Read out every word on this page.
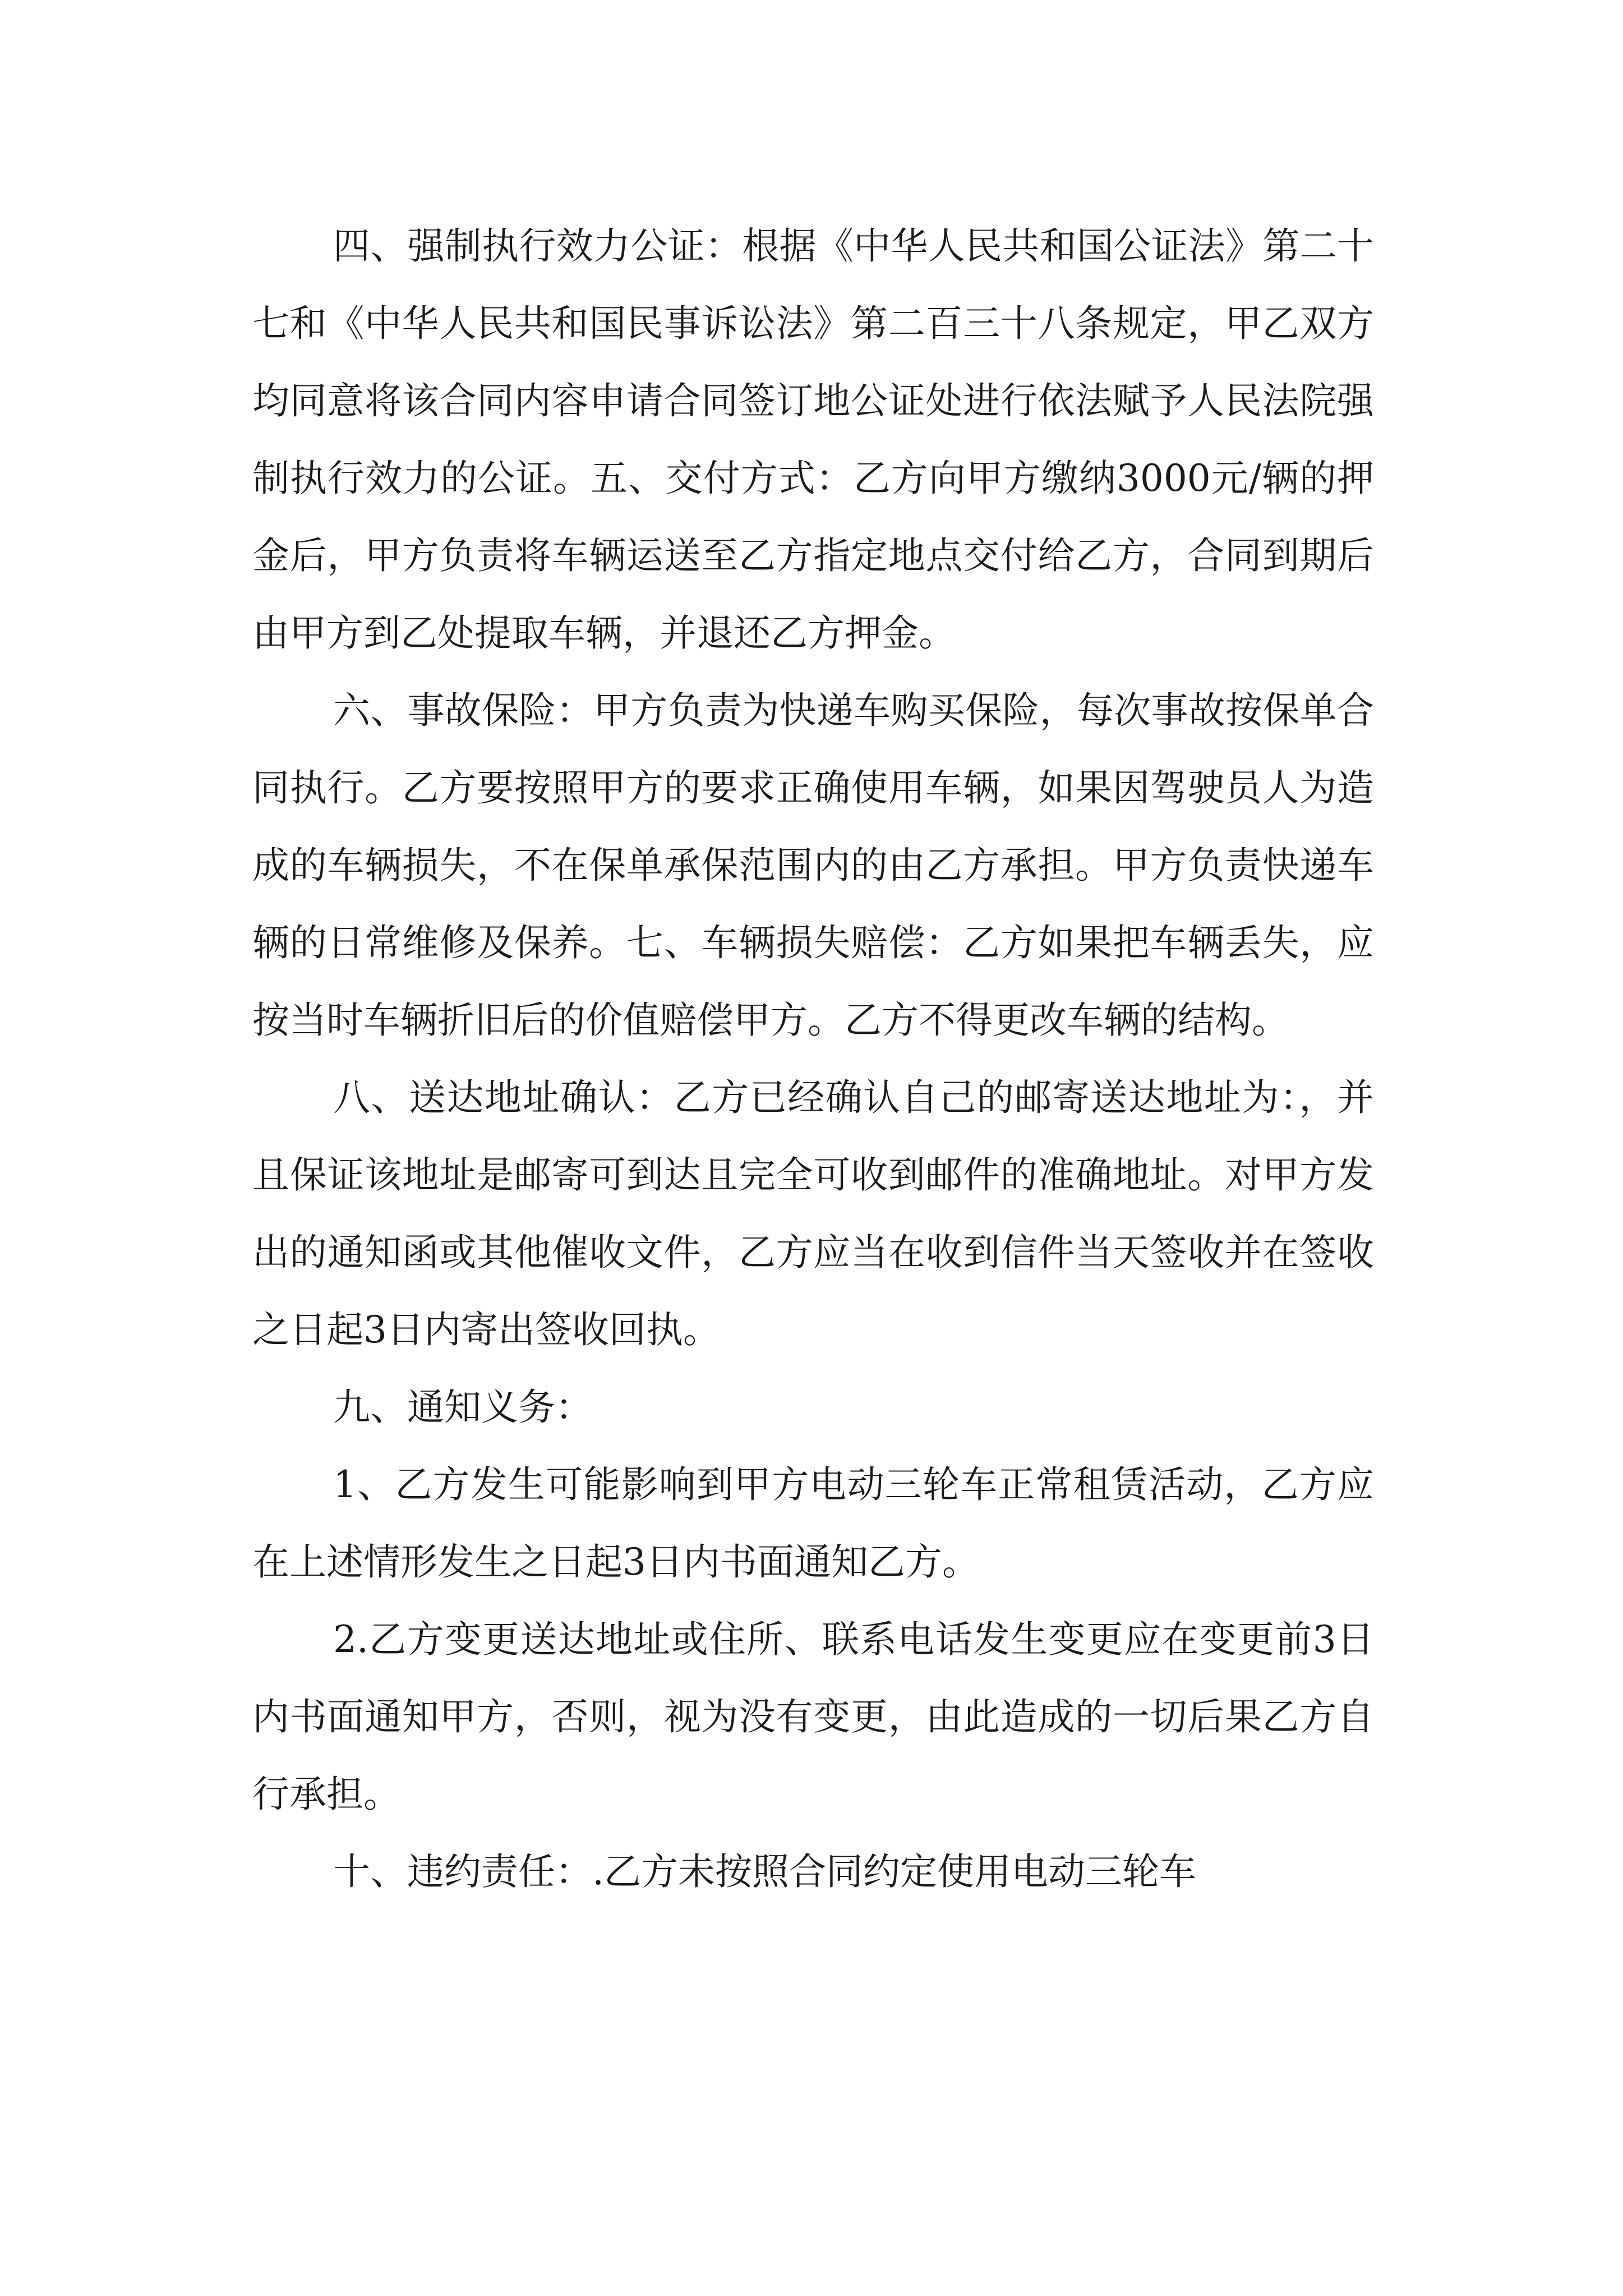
四、强制执行效力公证：根据《中华人民共和国公证法》第二十七和《中华人民共和国民事诉讼法》第二百三十八条规定，甲乙双方均同意将该合同内容申请合同签订地公证处进行依法赋予人民法院强制执行效力的公证。五、交付方式：乙方向甲方缴纳3000元/辆的押金后，甲方负责将车辆运送至乙方指定地点交付给乙方，合同到期后由甲方到乙处提取车辆，并退还乙方押金。

六、事故保险：甲方负责为快递车购买保险，每次事故按保单合同执行。乙方要按照甲方的要求正确使用车辆，如果因驾驶员人为造成的车辆损失，不在保单承保范围内的由乙方承担。甲方负责快递车辆的日常维修及保养。七、车辆损失赔偿：乙方如果把车辆丢失，应按当时车辆折旧后的价值赔偿甲方。乙方不得更改车辆的结构。

八、送达地址确认：乙方已经确认自己的邮寄送达地址为：，并且保证该地址是邮寄可到达且完全可收到邮件的准确地址。对甲方发出的通知函或其他催收文件，乙方应当在收到信件当天签收并在签收之日起3日内寄出签收回执。

九、通知义务：

1、乙方发生可能影响到甲方电动三轮车正常租赁活动，乙方应在上述情形发生之日起3日内书面通知乙方。

2.乙方变更送达地址或住所、联系电话发生变更应在变更前3日内书面通知甲方，否则，视为没有变更，由此造成的一切后果乙方自行承担。

十、违约责任：.乙方未按照合同约定使用电动三轮车
